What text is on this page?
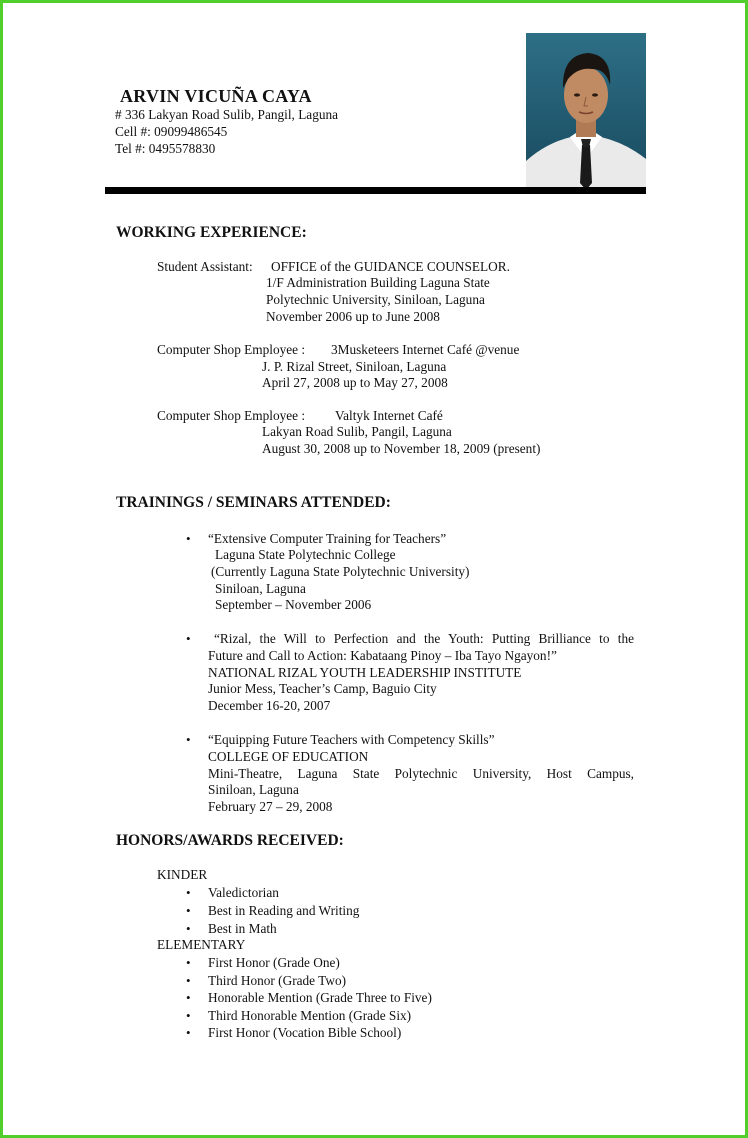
ARVIN VICUÑA CAYA
# 336 Lakyan Road Sulib, Pangil, Laguna
Cell #: 09099486545
Tel #: 0495578830
WORKING EXPERIENCE:
Student Assistant: OFFICE of the GUIDANCE COUNSELOR.
1/F Administration Building Laguna State
Polytechnic University, Siniloan, Laguna
November 2006 up to June 2008
Computer Shop Employee : 3Musketeers Internet Café @venue
J. P. Rizal Street, Siniloan, Laguna
April 27, 2008 up to May 27, 2008
Computer Shop Employee : Valtyk Internet Café
Lakyan Road Sulib, Pangil, Laguna
August 30, 2008 up to November 18, 2009 (present)
TRAININGS / SEMINARS ATTENDED:
• “Extensive Computer Training for Teachers”
Laguna State Polytechnic College
(Currently Laguna State Polytechnic University)
Siniloan, Laguna
September – November 2006
•	“Rizal, the Will to Perfection and the Youth: Putting Brilliance to the
Future and Call to Action: Kabataang Pinoy – Iba Tayo Ngayon!”
NATIONAL RIZAL YOUTH LEADERSHIP INSTITUTE
Junior Mess, Teacher’s Camp, Baguio City
December 16-20, 2007
• “Equipping Future Teachers with Competency Skills”
COLLEGE OF EDUCATION
Mini-Theatre, Laguna State Polytechnic University, Host Campus,
Siniloan, Laguna
February 27 – 29, 2008
HONORS/AWARDS RECEIVED:
KINDER
• Valedictorian
• Best in Reading and Writing
• Best in Math
ELEMENTARY
• First Honor (Grade One)
• Third Honor (Grade Two)
• Honorable Mention (Grade Three to Five)
• Third Honorable Mention (Grade Six)
• First Honor (Vocation Bible School)
